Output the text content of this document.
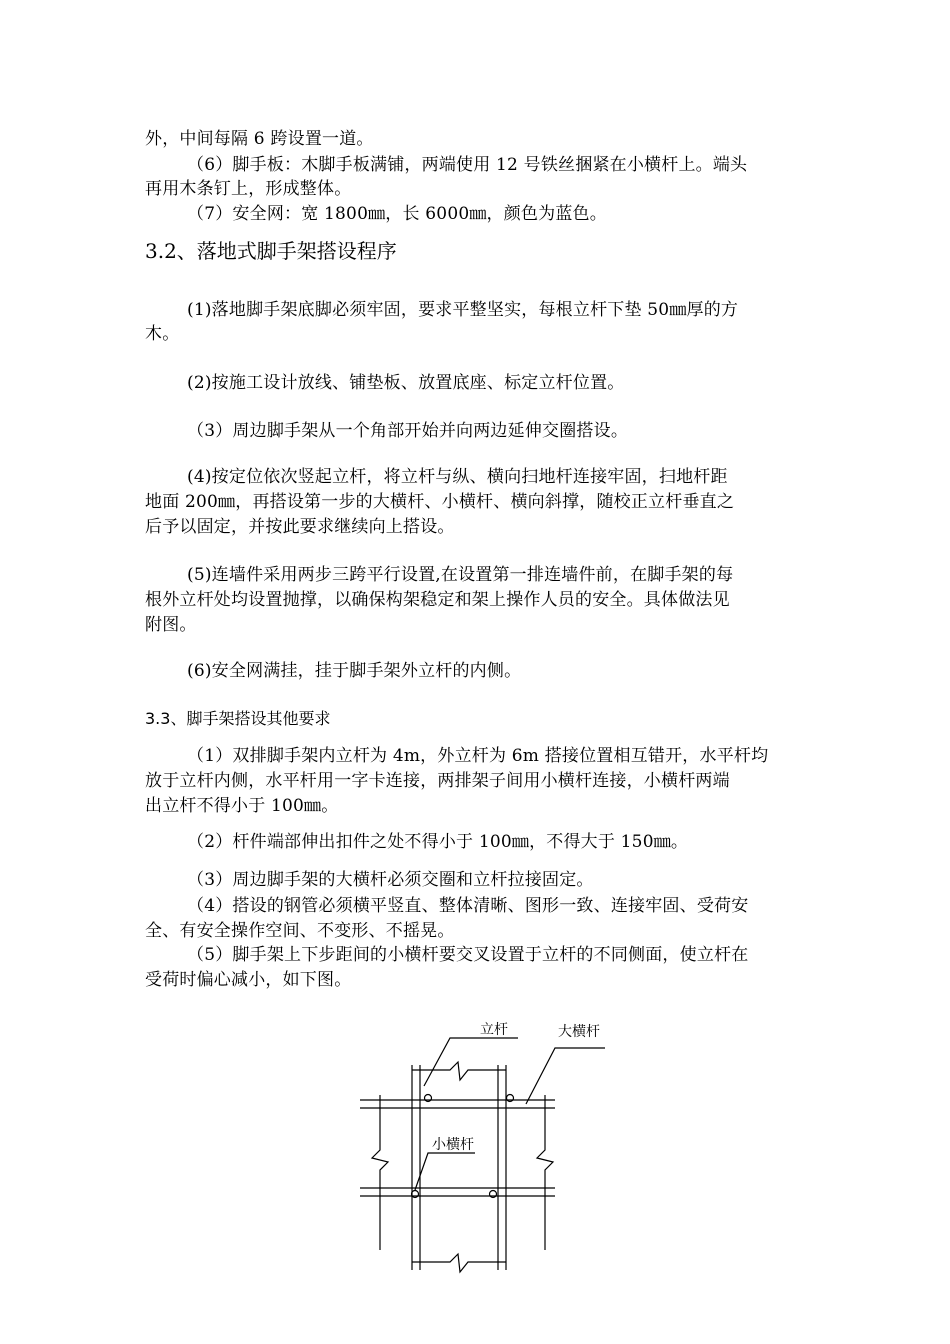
外，中间每隔 6 跨设置一道。
（6）脚手板：木脚手板满铺，两端使用 12 号铁丝捆紧在小横杆上。端头
再用木条钉上，形成整体。
（7）安全网：宽 1800㎜，长 6000㎜，颜色为蓝色。
3.2、落地式脚手架搭设程序
(1)落地脚手架底脚必须牢固，要求平整坚实，每根立杆下垫 50㎜厚的方
木。
(2)按施工设计放线、铺垫板、放置底座、标定立杆位置。
（3）周边脚手架从一个角部开始并向两边延伸交圈搭设。
(4)按定位依次竖起立杆，将立杆与纵、横向扫地杆连接牢固，扫地杆距
地面 200㎜，再搭设第一步的大横杆、小横杆、横向斜撑，随校正立杆垂直之
后予以固定，并按此要求继续向上搭设。
(5)连墙件采用两步三跨平行设置,在设置第一排连墙件前，在脚手架的每
根外立杆处均设置抛撑，以确保构架稳定和架上操作人员的安全。具体做法见
附图。
(6)安全网满挂，挂于脚手架外立杆的内侧。
3.3、脚手架搭设其他要求
（1）双排脚手架内立杆为 4m，外立杆为 6m 搭接位置相互错开，水平杆均
放于立杆内侧，水平杆用一字卡连接，两排架子间用小横杆连接，小横杆两端
出立杆不得小于 100㎜。
（2）杆件端部伸出扣件之处不得小于 100㎜，不得大于 150㎜。
（3）周边脚手架的大横杆必须交圈和立杆拉接固定。
（4）搭设的钢管必须横平竖直、整体清晰、图形一致、连接牢固、受荷安
全、有安全操作空间、不变形、不摇晃。
（5）脚手架上下步距间的小横杆要交叉设置于立杆的不同侧面，使立杆在
受荷时偏心减小，如下图。
立杆	大横杆
小横杆
